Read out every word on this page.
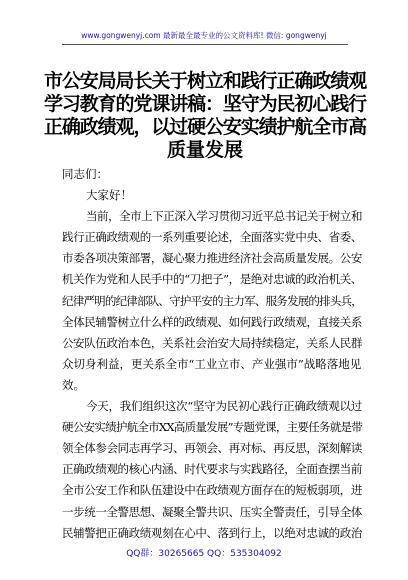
www.gongwenyj.com 最新最全最专业的公文资料库! 微信: gongwenyj
市公安局局长关于树立和践行正确政绩观
学习教育的党课讲稿：坚守为民初心践行
正确政绩观，以过硬公安实绩护航全市高
质量发展
同志们：
大家好！
当前，全市上下正深入学习贯彻习近平总书记关于树立和
践行正确政绩观的一系列重要论述，全面落实党中央、省委、
市委各项决策部署，凝心聚力推进经济社会高质量发展。公安
机关作为党和人民手中的“刀把子”，是绝对忠诚的政治机关、
纪律严明的纪律部队、守护平安的主力军、服务发展的排头兵，
全体民辅警树立什么样的政绩观、如何践行政绩观，直接关系
公安队伍政治本色，关系社会治安大局持续稳定，关系人民群
众切身利益，更关系全市“工业立市、产业强市”战略落地见
效。
今天，我们组织这次“坚守为民初心践行正确政绩观以过
硬公安实绩护航全市XX高质量发展”专题党课，主要任务就是带
领全体参会同志再学习、再领会、再对标、再反思，深刻解读
正确政绩观的核心内涵、时代要求与实践路径，全面查摆当前
全市公安工作和队伍建设中在政绩观方面存在的短板弱项，进
一步统一全警思想、凝聚全警共识、压实全警责任，引导全体
民辅警把正确政绩观刻在心中、落到行上，以绝对忠诚的政治
QQ群：30265665 QQ：535304092
